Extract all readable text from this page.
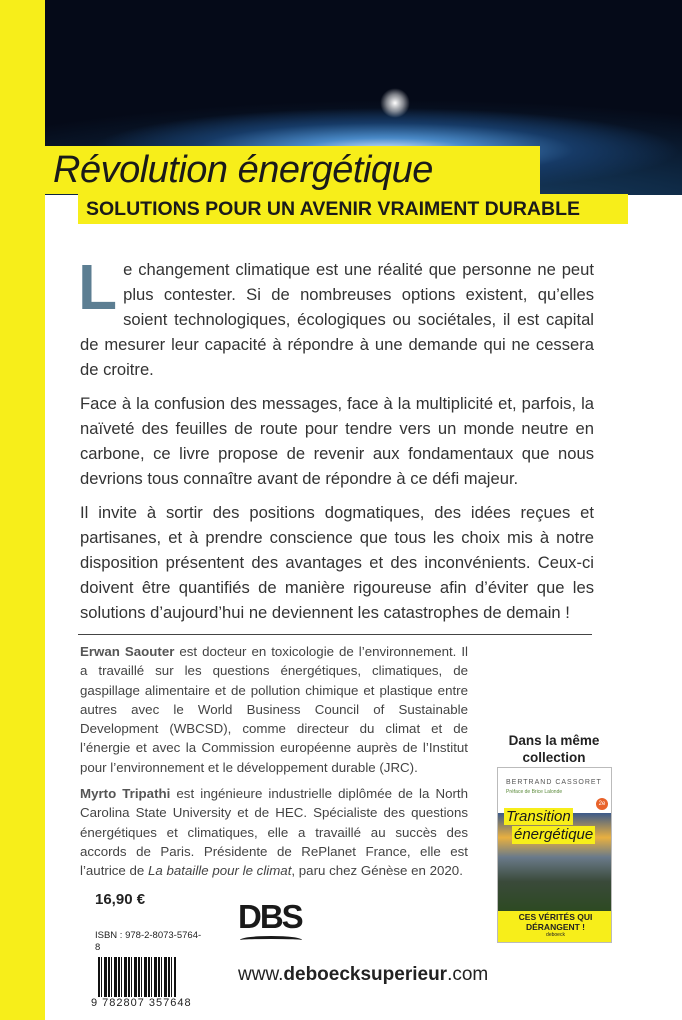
Révolution énergétique
SOLUTIONS POUR UN AVENIR VRAIMENT DURABLE

Le changement climatique est une réalité que personne ne peut plus contester. Si de nombreuses options existent, qu’elles soient technologiques, écologiques ou sociétales, il est capital de mesurer leur capacité à répondre à une demande qui ne cessera de croitre.

Face à la confusion des messages, face à la multiplicité et, parfois, la naïveté des feuilles de route pour tendre vers un monde neutre en carbone, ce livre propose de revenir aux fondamentaux que nous devrions tous connaître avant de répondre à ce défi majeur.

Il invite à sortir des positions dogmatiques, des idées reçues et partisanes, et à prendre conscience que tous les choix mis à notre disposition présentent des avantages et des inconvénients. Ceux-ci doivent être quantifiés de manière rigoureuse afin d’éviter que les solutions d’aujourd’hui ne deviennent les catastrophes de demain !

Erwan Saouter est docteur en toxicologie de l’environnement. Il a travaillé sur les questions énergétiques, climatiques, de gaspillage alimentaire et de pollution chimique et plastique entre autres avec le World Business Council of Sustainable Development (WBCSD), comme directeur du climat et de l’énergie et avec la Commission européenne auprès de l’Institut pour l’environnement et le développement durable (JRC).

Myrto Tripathi est ingénieure industrielle diplômée de la North Carolina State University et de HEC. Spécialiste des questions énergétiques et climatiques, elle a travaillé au succès des accords de Paris. Présidente de RePlanet France, elle est l’autrice de La bataille pour le climat, paru chez Génèse en 2020.

16,90 €
ISBN : 978-2-8073-5764-8
9 782807 357648
DBS
www.deboecksuperieur.com
Dans la même collection
BERTRAND CASSORET
Préface de Brice Lalonde
Transition
énergétique
2e
CES VÉRITÉS QUI DÉRANGENT !
deboeck
